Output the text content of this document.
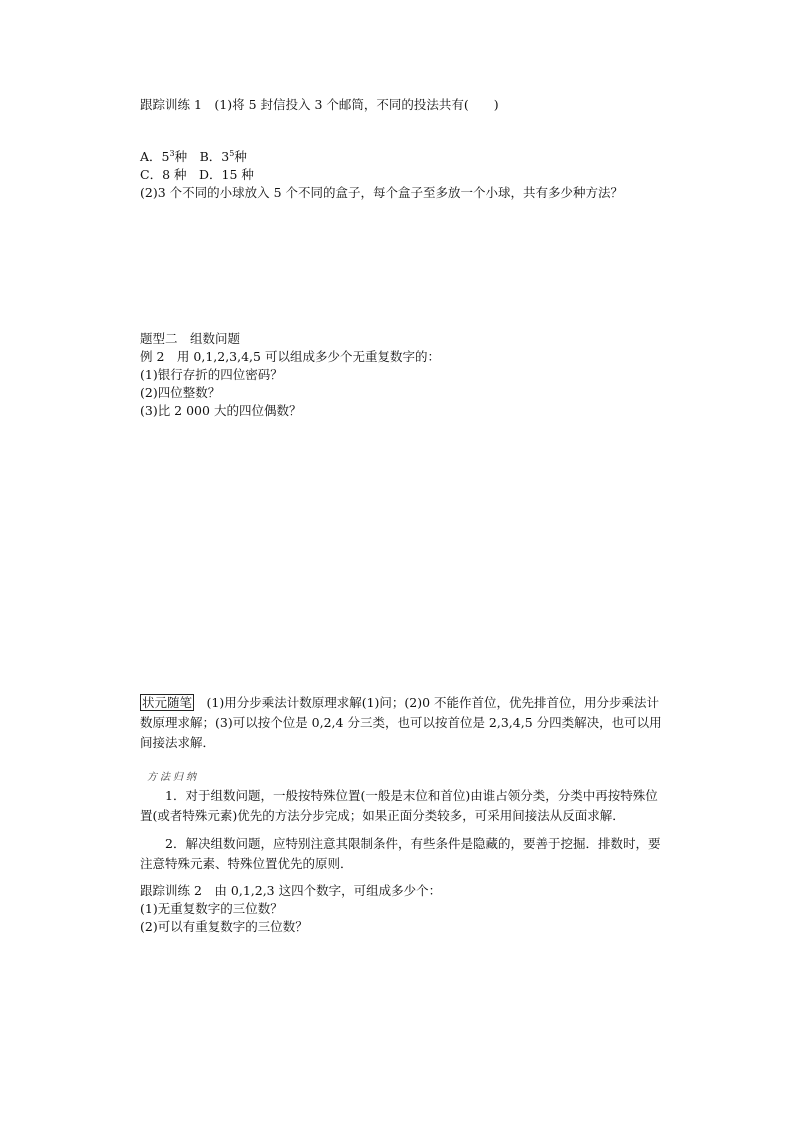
跟踪训练 1　(1)将 5 封信投入 3 个邮筒，不同的投法共有(　　)
A．$5^3$种　B．$3^5$种
C．8 种　D．15 种
(2)3 个不同的小球放入 5 个不同的盒子，每个盒子至多放一个小球，共有多少种方法？
题型二　组数问题
例 2　用 0,1,2,3,4,5 可以组成多少个无重复数字的：
(1)银行存折的四位密码？
(2)四位整数？
(3)比 2 000 大的四位偶数？
状元随笔　(1)用分步乘法计数原理求解(1)问；(2)0 不能作首位，优先排首位，用分步乘法计数原理求解；(3)可以按个位是 0,2,4 分三类，也可以按首位是 2,3,4,5 分四类解决，也可以用间接法求解．
方法归纳
1．对于组数问题，一般按特殊位置(一般是末位和首位)由谁占领分类，分类中再按特殊位置(或者特殊元素)优先的方法分步完成；如果正面分类较多，可采用间接法从反面求解．
2．解决组数问题，应特别注意其限制条件，有些条件是隐藏的，要善于挖掘．排数时，要注意特殊元素、特殊位置优先的原则．
跟踪训练 2　由 0,1,2,3 这四个数字，可组成多少个：
(1)无重复数字的三位数？
(2)可以有重复数字的三位数？
